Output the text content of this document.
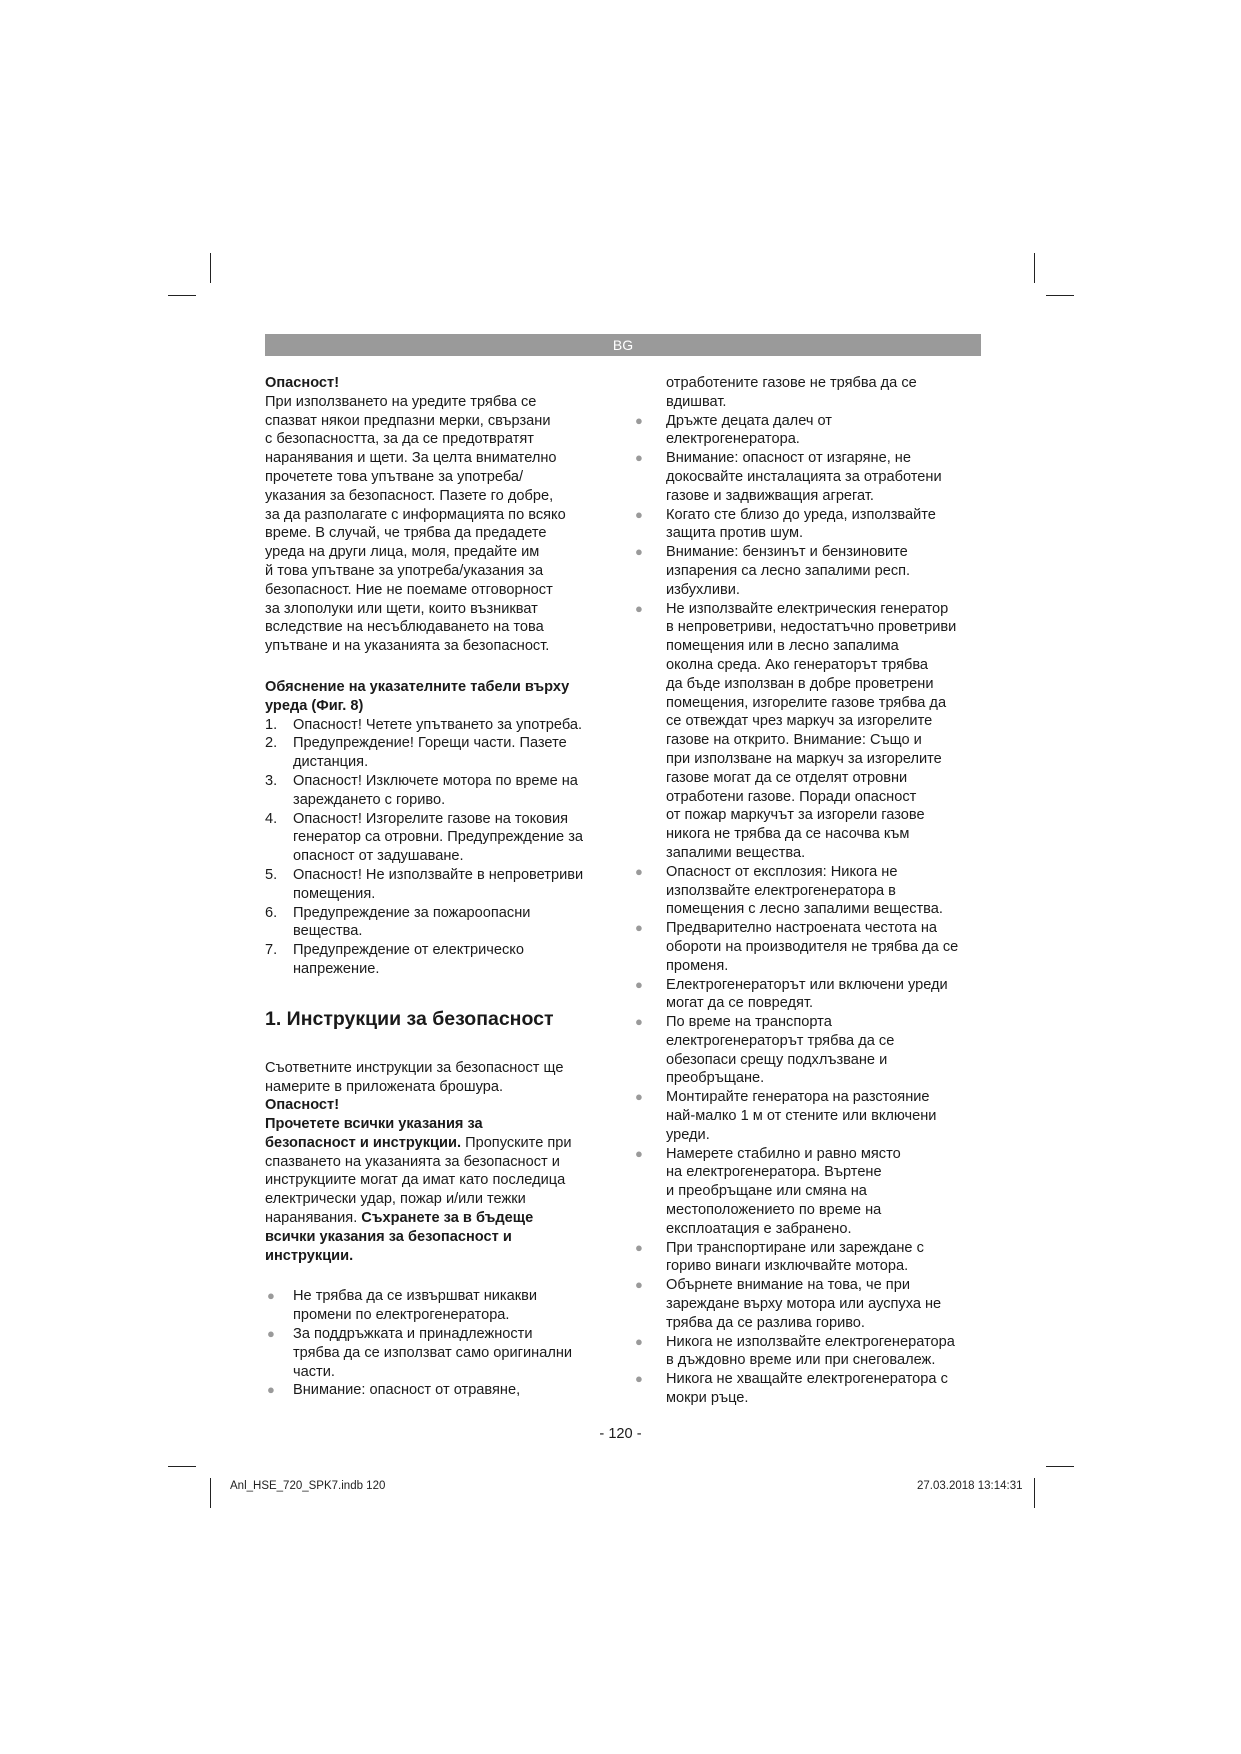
BG

Опасност!

При използването на уредите трябва се
спазват някои предпазни мерки, свързани
с безопасността, за да се предотвратят
наранявания и щети. За целта внимателно
прочетете това упътване за употреба/
указания за безопасност. Пазете го добре,
за да разполагате с информацията по всяко
време. В случай, че трябва да предадете
уреда на други лица, моля, предайте им
й това упътване за употреба/указания за
безопасност. Ние не поемаме отговорност
за злополуки или щети, които възникват
вследствие на несъблюдаването на това
упътване и на указанията за безопасност.
Обяснение на указателните табели върху
уреда (Фиг. 8)
1. Опасност! Четете упътването за употреба.
2. Предупреждение! Горещи части. Пазете
дистанция.
3. Опасност! Изключете мотора по време на
зареждането с гориво.
4. Опасност! Изгорелите газове на токовия
генератор са отровни. Предупреждение за
опасност от задушаване.
5. Опасност! Не използвайте в непроветриви
помещения.
6. Предупреждение за пожароопасни
вещества.
7. Предупреждение от електрическо
напрежение.

1. Инструкции за безопасност

Съответните инструкции за безопасност ще
намерите в приложената брошура.

Опасност!

Прочетете всички указания за
безопасност и инструкции. Пропуските при
спазването на указанията за безопасност и
инструкциите могат да имат като последица
електрически удар, пожар и/или тежки
наранявания. Съхранете за в бъдеще
всички указания за безопасност и
инструкции.
● Не трябва да се извършват никакви
промени по електрогенератора.
● За поддръжката и принадлежности
трябва да се използват само оригинални
части.
● Внимание: опасност от отравяне,
отработените газове не трябва да се
вдишват.
● Дръжте децата далеч от
електрогенератора.
● Внимание: опасност от изгаряне, не
докосвайте инсталацията за отработени
газове и задвижващия агрегат.
● Когато сте близо до уреда, използвайте
защита против шум.
● Внимание: бензинът и бензиновите
изпарения са лесно запалими респ.
избухливи.
● Не използвайте електрическия генератор
в непроветриви, недостатъчно проветриви
помещения или в лесно запалима
околна среда. Ако генераторът трябва
да бъде използван в добре проветрени
помещения, изгорелите газове трябва да
се отвеждат чрез маркуч за изгорелите
газове на открито. Внимание: Също и
при използване на маркуч за изгорелите
газове могат да се отделят отровни
отработени газове. Поради опасност
от пожар маркучът за изгорели газове
никога не трябва да се насочва към
запалими вещества.
● Опасност от експлозия: Никога не
използвайте електрогенератора в
помещения с лесно запалими вещества.
● Предварително настроената честота на
обороти на производителя не трябва да се
променя.
● Електрогенераторът или включени уреди
могат да се повредят.
● По време на транспорта
електрогенераторът трябва да се
обезопаси срещу подхлъзване и
преобръщане.
● Монтирайте генератора на разстояние
най-малко 1 м от стените или включени
уреди.
● Намерете стабилно и равно място
на електрогенератора. Въртене
и преобръщане или смяна на
местоположението по време на
експлоатация е забранено.
● При транспортиране или зареждане с
гориво винаги изключвайте мотора.
● Обърнете внимание на това, че при
зареждане върху мотора или ауспуха не
трябва да се разлива гориво.
● Никога не използвайте електрогенератора
в дъждовно време или при снеговалеж.
● Никога не хващайте електрогенератора с
мокри ръце.
- 120 -
Anl_HSE_720_SPK7.indb 120	27.03.2018 13:14:31
